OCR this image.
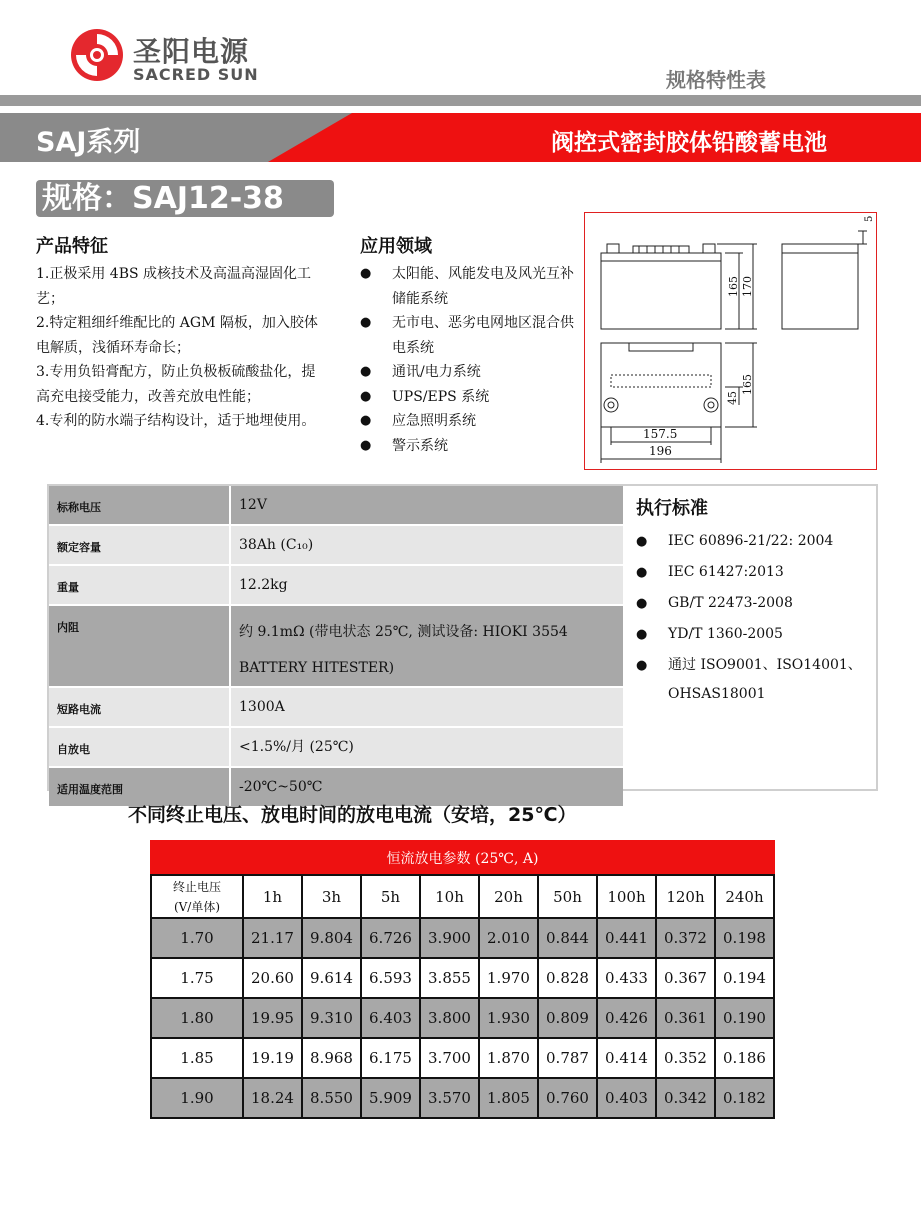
圣阳电源
SACRED SUN	规格特性表
SAJ系列	阀控式密封胶体铅酸蓄电池
规格：SAJ12-38
产品特征

1.正极采用 4BS 成核技术及高温高湿固化工艺；

2.特定粗细纤维配比的 AGM 隔板，加入胶体电解质，浅循环寿命长；

3.专用负铅膏配方，防止负极板硫酸盐化，提高充电接受能力，改善充放电性能；

4.专利的防水端子结构设计，适于地埋使用。

应用领域
● 太阳能、风能发电及风光互补储能系统
● 无市电、恶劣电网地区混合供电系统
● 通讯/电力系统
● UPS/EPS 系统
● 应急照明系统
● 警示系统
5
165 170
45
165
157.5
196
标称电压	12V
额定容量	38Ah (C₁₀)
重量	12.2kg
内阻	约 9.1mΩ (带电状态 25℃, 测试设备: HIOKI 3554 BATTERY HITESTER)
短路电流	1300A
自放电	<1.5%/月 (25℃)
适用温度范围	-20℃~50℃
执行标准
● IEC 60896-21/22: 2004
● IEC 61427:2013
● GB/T 22473-2008
● YD/T 1360-2005
● 通过 ISO9001、ISO14001、
OHSAS18001
不同终止电压、放电时间的放电电流（安培，25℃）
恒流放电参数 (25℃, A)									
终止电压
(V/单体)	1h	3h	5h	10h	20h	50h	100h	120h	240h
1.70	21.17	9.804	6.726	3.900	2.010	0.844	0.441	0.372	0.198
1.75	20.60	9.614	6.593	3.855	1.970	0.828	0.433	0.367	0.194
1.80	19.95	9.310	6.403	3.800	1.930	0.809	0.426	0.361	0.190
1.85	19.19	8.968	6.175	3.700	1.870	0.787	0.414	0.352	0.186
1.90	18.24	8.550	5.909	3.570	1.805	0.760	0.403	0.342	0.182
